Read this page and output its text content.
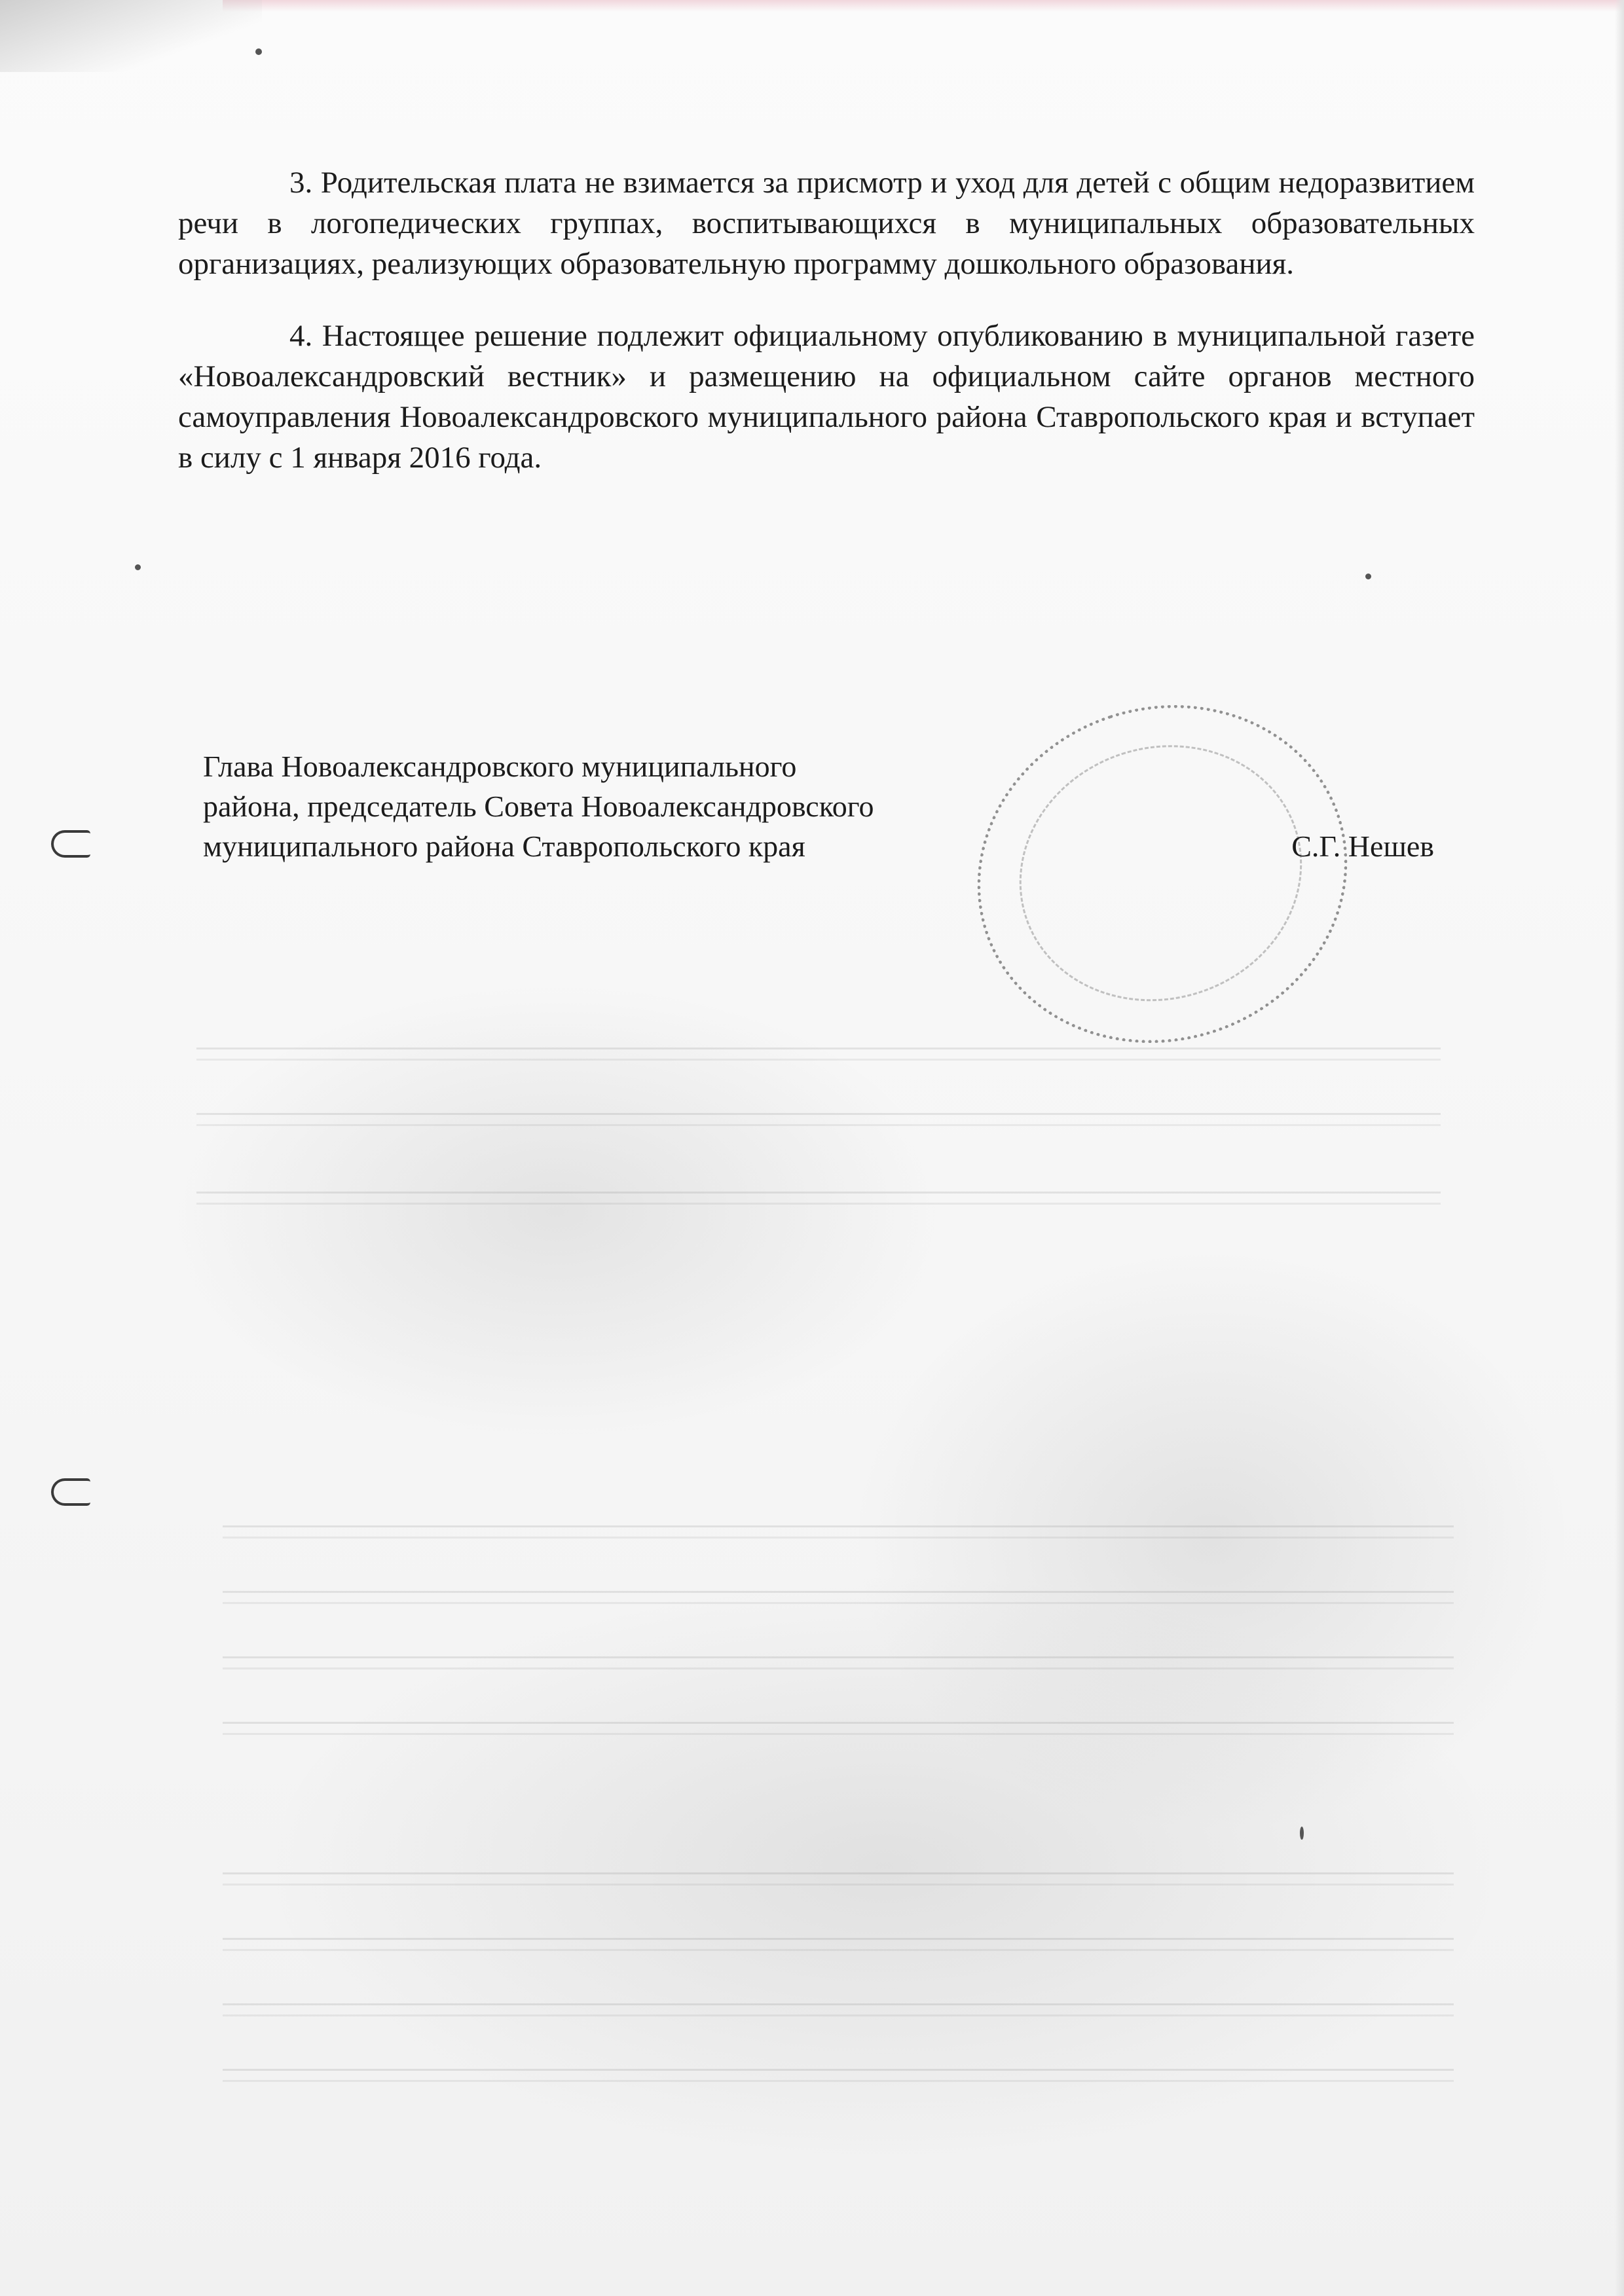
3. Родительская плата не взимается за присмотр и уход для детей с общим недоразвитием речи в логопедических группах, воспитывающихся в муниципальных образовательных организациях, реализующих образовательную программу дошкольного образования.

4. Настоящее решение подлежит официальному опубликованию в муниципальной газете «Новоалександровский вестник» и размещению на официальном сайте органов местного самоуправления Новоалександровского муниципального района Ставропольского края и вступает в силу с 1 января 2016 года.

Глава Новоалександровского муниципального
района, председатель Совета Новоалександровского
муниципального района Ставропольского края	С.Г. Нешев
